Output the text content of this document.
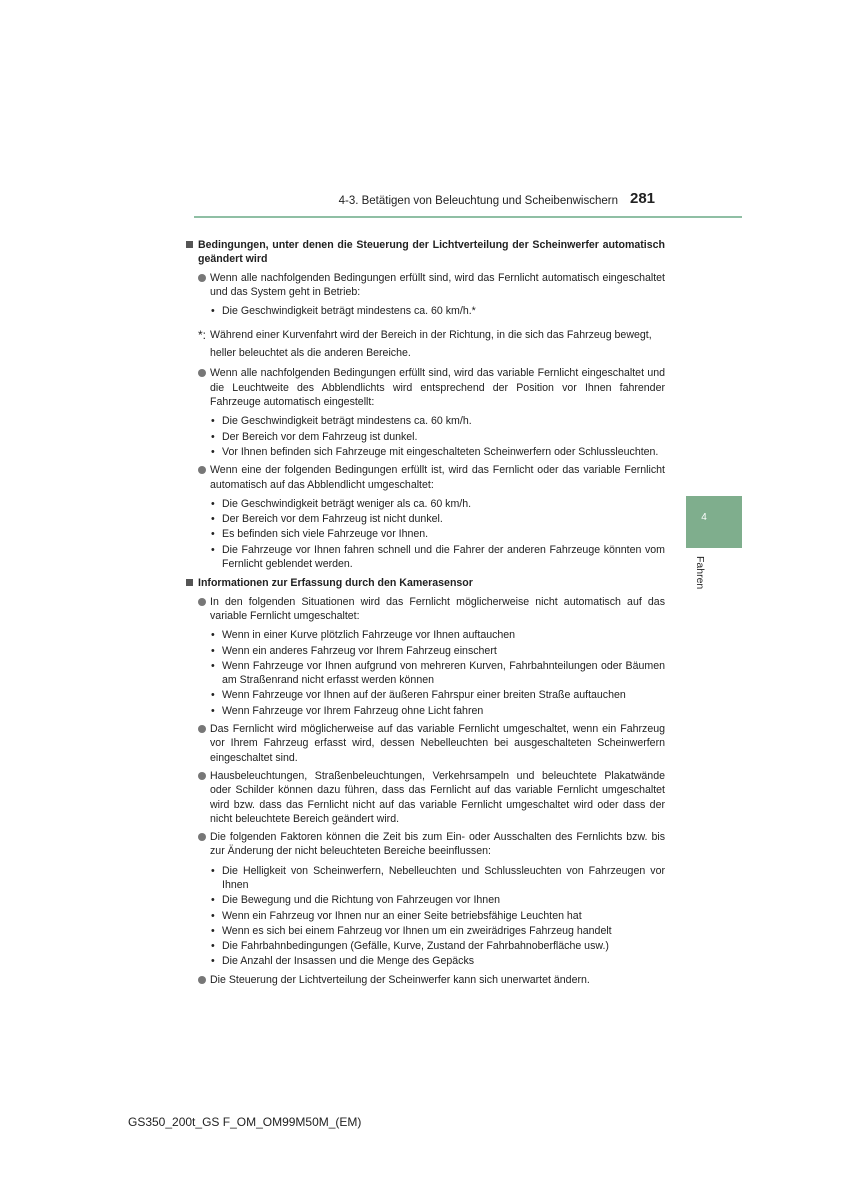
4-3. Betätigen von Beleuchtung und Scheibenwischern 281
4
Fahren
Bedingungen, unter denen die Steuerung der Lichtverteilung der Scheinwerfer automatisch geändert wird
Wenn alle nachfolgenden Bedingungen erfüllt sind, wird das Fernlicht automatisch eingeschaltet und das System geht in Betrieb:
• Die Geschwindigkeit beträgt mindestens ca. 60 km/h.*
*: Während einer Kurvenfahrt wird der Bereich in der Richtung, in die sich das Fahrzeug bewegt, heller beleuchtet als die anderen Bereiche.
Wenn alle nachfolgenden Bedingungen erfüllt sind, wird das variable Fernlicht eingeschaltet und die Leuchtweite des Abblendlichts wird entsprechend der Position vor Ihnen fahrender Fahrzeuge automatisch eingestellt:
• Die Geschwindigkeit beträgt mindestens ca. 60 km/h.
• Der Bereich vor dem Fahrzeug ist dunkel.
• Vor Ihnen befinden sich Fahrzeuge mit eingeschalteten Scheinwerfern oder Schlussleuchten.
Wenn eine der folgenden Bedingungen erfüllt ist, wird das Fernlicht oder das variable Fernlicht automatisch auf das Abblendlicht umgeschaltet:
• Die Geschwindigkeit beträgt weniger als ca. 60 km/h.
• Der Bereich vor dem Fahrzeug ist nicht dunkel.
• Es befinden sich viele Fahrzeuge vor Ihnen.
• Die Fahrzeuge vor Ihnen fahren schnell und die Fahrer der anderen Fahrzeuge könnten vom Fernlicht geblendet werden.
Informationen zur Erfassung durch den Kamerasensor
In den folgenden Situationen wird das Fernlicht möglicherweise nicht automatisch auf das variable Fernlicht umgeschaltet:
• Wenn in einer Kurve plötzlich Fahrzeuge vor Ihnen auftauchen
• Wenn ein anderes Fahrzeug vor Ihrem Fahrzeug einschert
• Wenn Fahrzeuge vor Ihnen aufgrund von mehreren Kurven, Fahrbahnteilungen oder Bäumen am Straßenrand nicht erfasst werden können
• Wenn Fahrzeuge vor Ihnen auf der äußeren Fahrspur einer breiten Straße auftauchen
• Wenn Fahrzeuge vor Ihrem Fahrzeug ohne Licht fahren
Das Fernlicht wird möglicherweise auf das variable Fernlicht umgeschaltet, wenn ein Fahrzeug vor Ihrem Fahrzeug erfasst wird, dessen Nebelleuchten bei ausgeschalteten Scheinwerfern eingeschaltet sind.
Hausbeleuchtungen, Straßenbeleuchtungen, Verkehrsampeln und beleuchtete Plakatwände oder Schilder können dazu führen, dass das Fernlicht auf das variable Fernlicht umgeschaltet wird bzw. dass das Fernlicht nicht auf das variable Fernlicht umgeschaltet wird oder dass der nicht beleuchtete Bereich geändert wird.
Die folgenden Faktoren können die Zeit bis zum Ein- oder Ausschalten des Fernlichts bzw. bis zur Änderung der nicht beleuchteten Bereiche beeinflussen:
• Die Helligkeit von Scheinwerfern, Nebelleuchten und Schlussleuchten von Fahrzeugen vor Ihnen
• Die Bewegung und die Richtung von Fahrzeugen vor Ihnen
• Wenn ein Fahrzeug vor Ihnen nur an einer Seite betriebsfähige Leuchten hat
• Wenn es sich bei einem Fahrzeug vor Ihnen um ein zweirädriges Fahrzeug handelt
• Die Fahrbahnbedingungen (Gefälle, Kurve, Zustand der Fahrbahnoberfläche usw.)
• Die Anzahl der Insassen und die Menge des Gepäcks
Die Steuerung der Lichtverteilung der Scheinwerfer kann sich unerwartet ändern.
GS350_200t_GS F_OM_OM99M50M_(EM)
